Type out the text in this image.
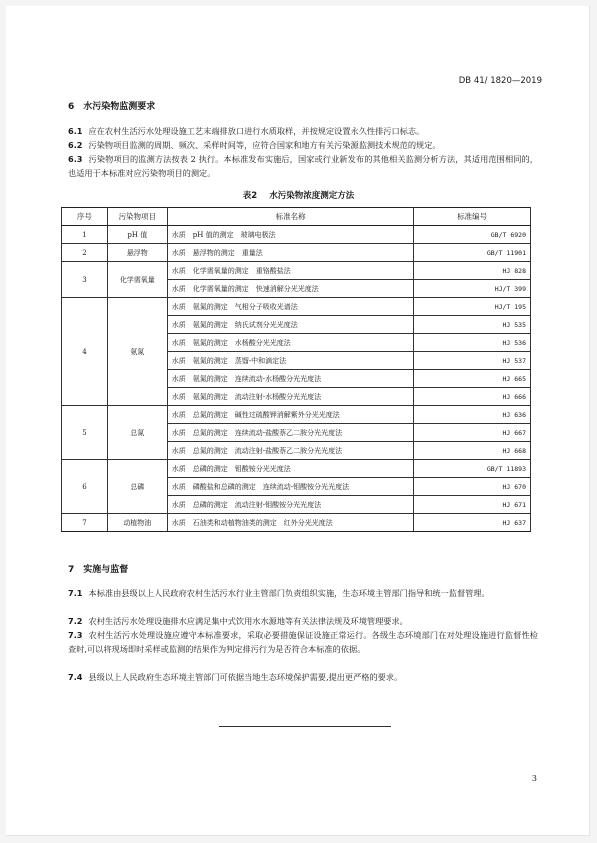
DB 41/ 1820—2019
6　水污染物监测要求
6.1 应在农村生活污水处理设施工艺末端排放口进行水质取样，并按规定设置永久性排污口标志。
6.2 污染物项目监测的周期、频次、采样时间等，应符合国家和地方有关污染源监测技术规范的规定。
6.3 污染物项目的监测方法按表 2 执行。本标准发布实施后，国家或行业新发布的其他相关监测分析方法，其适用范围相同的，也适用于本标准对应污染物项目的测定。
表2 水污染物浓度测定方法
序号	污染物项目	标准名称	标准编号
1	pH 值	水质　pH 值的测定　玻璃电极法	GB/T 6920
2	悬浮物	水质　悬浮物的测定　重量法	GB/T 11901
3	化学需氧量	水质　化学需氧量的测定　重铬酸盐法	HJ 828
		水质　化学需氧量的测定　快速消解分光光度法	HJ/T 399
4	氨氮	水质　氨氮的测定　气相分子吸收光谱法	HJ/T 195
		水质　氨氮的测定　纳氏试剂分光光度法	HJ 535
		水质　氨氮的测定　水杨酸分光光度法	HJ 536
		水质　氨氮的测定　蒸馏-中和滴定法	HJ 537
		水质　氨氮的测定　连续流动-水杨酸分光光度法	HJ 665
		水质　氨氮的测定　流动注射-水杨酸分光光度法	HJ 666
5	总氮	水质　总氮的测定　碱性过硫酸钾消解紫外分光光度法	HJ 636
		水质　总氮的测定　连续流动-盐酸萘乙二胺分光光度法	HJ 667
		水质　总氮的测定　流动注射-盐酸萘乙二胺分光光度法	HJ 668
6	总磷	水质　总磷的测定　钼酸铵分光光度法	GB/T 11893
		水质　磷酸盐和总磷的测定　连续流动-钼酸铵分光光度法	HJ 670
		水质　总磷的测定　流动注射-钼酸铵分光光度法	HJ 671
7	动植物油	水质　石油类和动植物油类的测定　红外分光光度法	HJ 637
7　实施与监督
7.1 本标准由县级以上人民政府农村生活污水行业主管部门负责组织实施，生态环境主管部门指导和统一监督管理。
7.2 农村生活污水处理设施排水应满足集中式饮用水水源地等有关法律法规及环境管理要求。
7.3 农村生活污水处理设施应遵守本标准要求，采取必要措施保证设施正常运行。各级生态环境部门在对处理设施进行监督性检查时,可以将现场即时采样或监测的结果作为判定排污行为是否符合本标准的依据。
7.4 县级以上人民政府生态环境主管部门可依据当地生态环境保护需要,提出更严格的要求。
3
